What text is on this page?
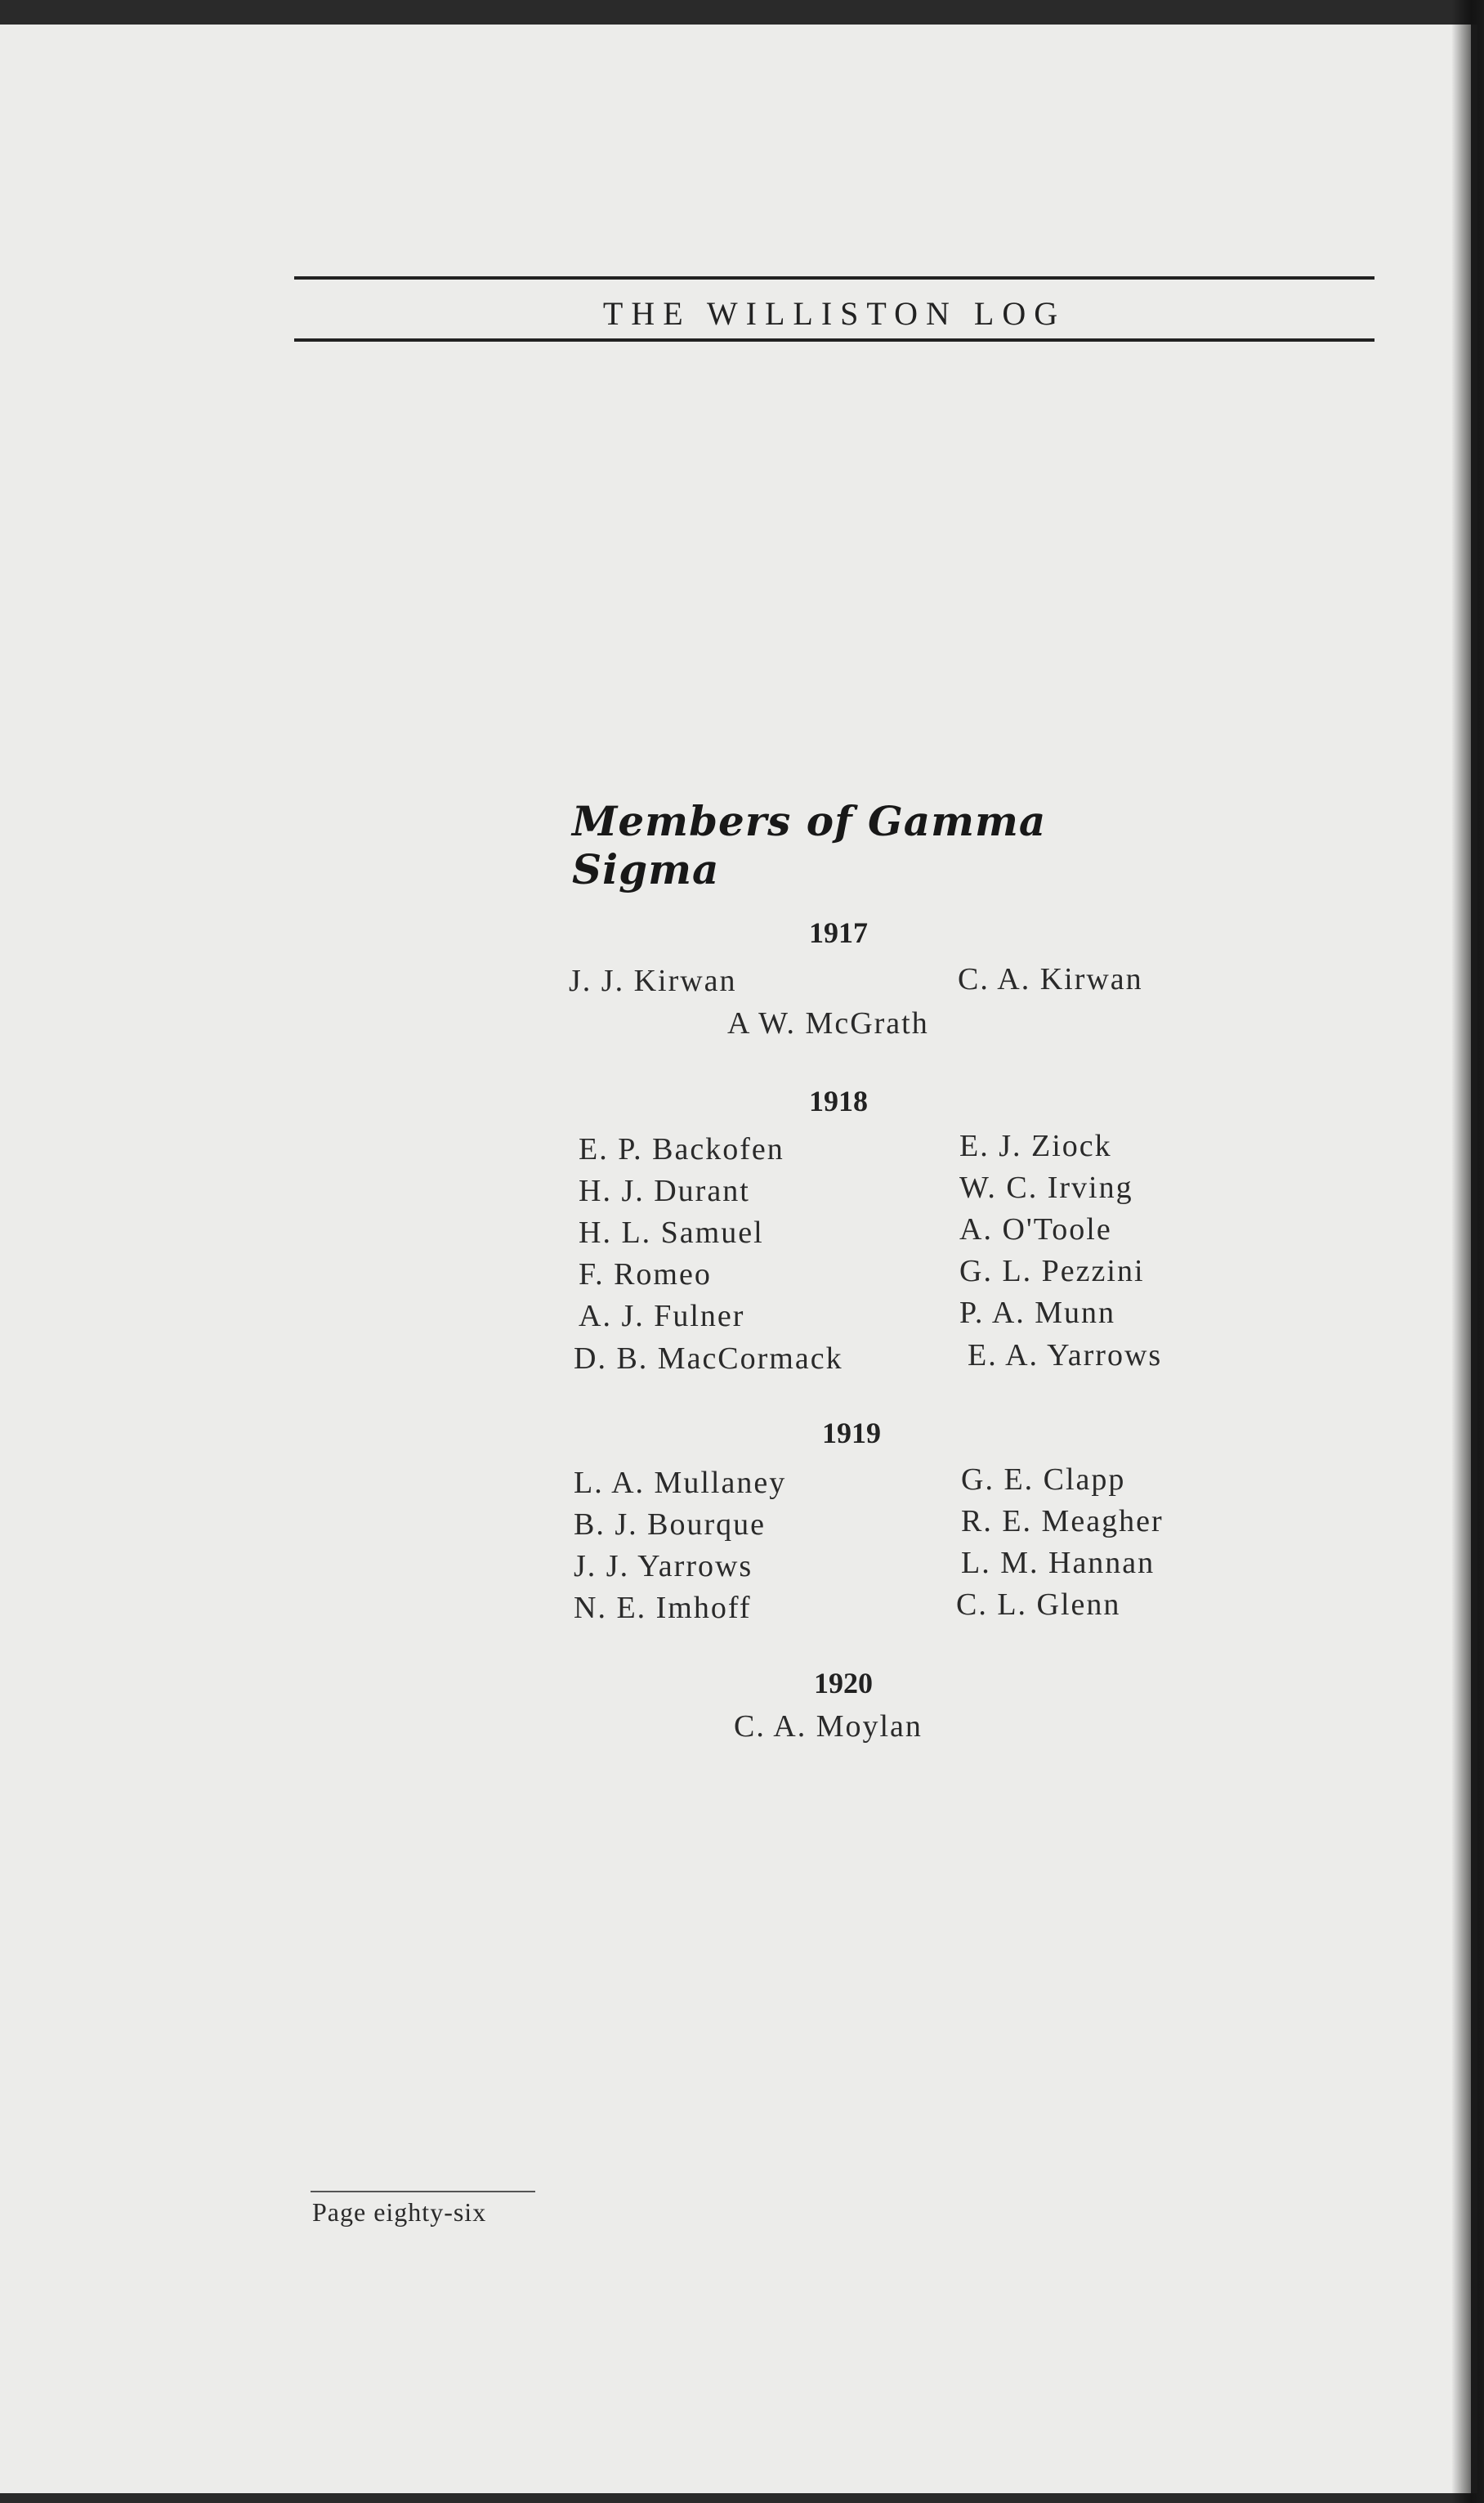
THE WILLISTON LOG
Members of Gamma Sigma
1917
J. J. Kirwan	C. A. Kirwan
A W. McGrath
1918
E. P. Backofen
H. J. Durant
H. L. Samuel
F. Romeo
A. J. Fulner
D. B. MacCormack
E. J. Ziock
W. C. Irving
A. O'Toole
G. L. Pezzini
P. A. Munn
E. A. Yarrows
1919
L. A. Mullaney
B. J. Bourque
J. J. Yarrows
N. E. Imhoff
G. E. Clapp
R. E. Meagher
L. M. Hannan
C. L. Glenn
1920
C. A. Moylan
Page eighty-six
